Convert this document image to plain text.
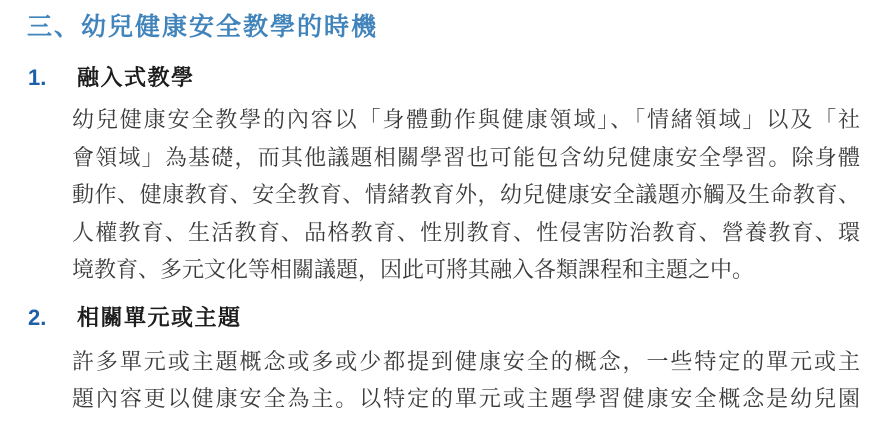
三、幼兒健康安全教學的時機
1.	融入式教學
幼兒健康安全教學的內容以「身體動作與健康領域」、「情緒領域」以及「社
會領域」為基礎，而其他議題相關學習也可能包含幼兒健康安全學習。除身體
動作、健康教育、安全教育、情緒教育外，幼兒健康安全議題亦觸及生命教育、
人權教育、生活教育、品格教育、性別教育、性侵害防治教育、營養教育、環
境教育、多元文化等相關議題，因此可將其融入各類課程和主題之中。
2.	相關單元或主題
許多單元或主題概念或多或少都提到健康安全的概念，一些特定的單元或主
題內容更以健康安全為主。以特定的單元或主題學習健康安全概念是幼兒園
